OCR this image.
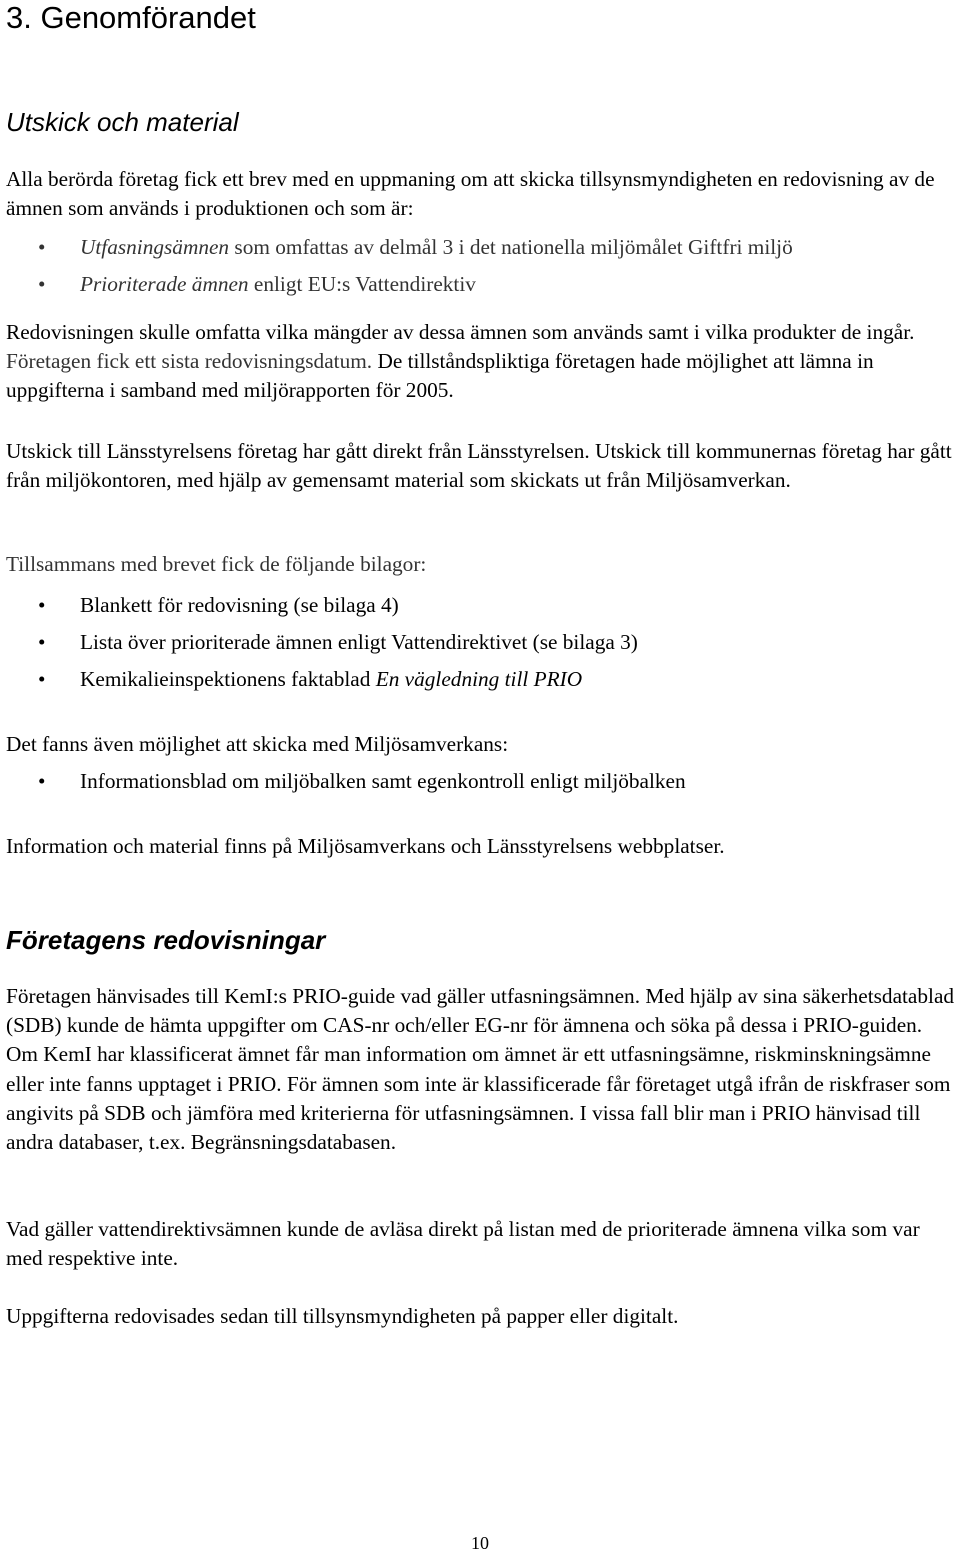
3. Genomförandet
Utskick och material

Alla berörda företag fick ett brev med en uppmaning om att skicka tillsynsmyndigheten en redovisning av de ämnen som används i produktionen och som är:

• Utfasningsämnen som omfattas av delmål 3 i det nationella miljömålet Giftfri miljö
• Prioriterade ämnen enligt EU:s Vattendirektiv

Redovisningen skulle omfatta vilka mängder av dessa ämnen som används samt i vilka produkter de ingår. Företagen fick ett sista redovisningsdatum. De tillståndspliktiga företagen hade möjlighet att lämna in uppgifterna i samband med miljörapporten för 2005.

Utskick till Länsstyrelsens företag har gått direkt från Länsstyrelsen. Utskick till kommunernas företag har gått från miljökontoren, med hjälp av gemensamt material som skickats ut från Miljösamverkan.

Tillsammans med brevet fick de följande bilagor:

• Blankett för redovisning (se bilaga 4)
• Lista över prioriterade ämnen enligt Vattendirektivet (se bilaga 3)
• Kemikalieinspektionens faktablad En vägledning till PRIO

Det fanns även möjlighet att skicka med Miljösamverkans:

• Informationsblad om miljöbalken samt egenkontroll enligt miljöbalken

Information och material finns på Miljösamverkans och Länsstyrelsens webbplatser.

Företagens redovisningar

Företagen hänvisades till KemI:s PRIO-guide vad gäller utfasningsämnen. Med hjälp av sina säkerhetsdatablad (SDB) kunde de hämta uppgifter om CAS-nr och/eller EG-nr för ämnena och söka på dessa i PRIO-guiden. Om KemI har klassificerat ämnet får man information om ämnet är ett utfasningsämne, riskminskningsämne eller inte fanns upptaget i PRIO. För ämnen som inte är klassificerade får företaget utgå ifrån de riskfraser som angivits på SDB och jämföra med kriterierna för utfasningsämnen. I vissa fall blir man i PRIO hänvisad till andra databaser, t.ex. Begränsningsdatabasen.

Vad gäller vattendirektivsämnen kunde de avläsa direkt på listan med de prioriterade ämnena vilka som var med respektive inte.

Uppgifterna redovisades sedan till tillsynsmyndigheten på papper eller digitalt.

10
